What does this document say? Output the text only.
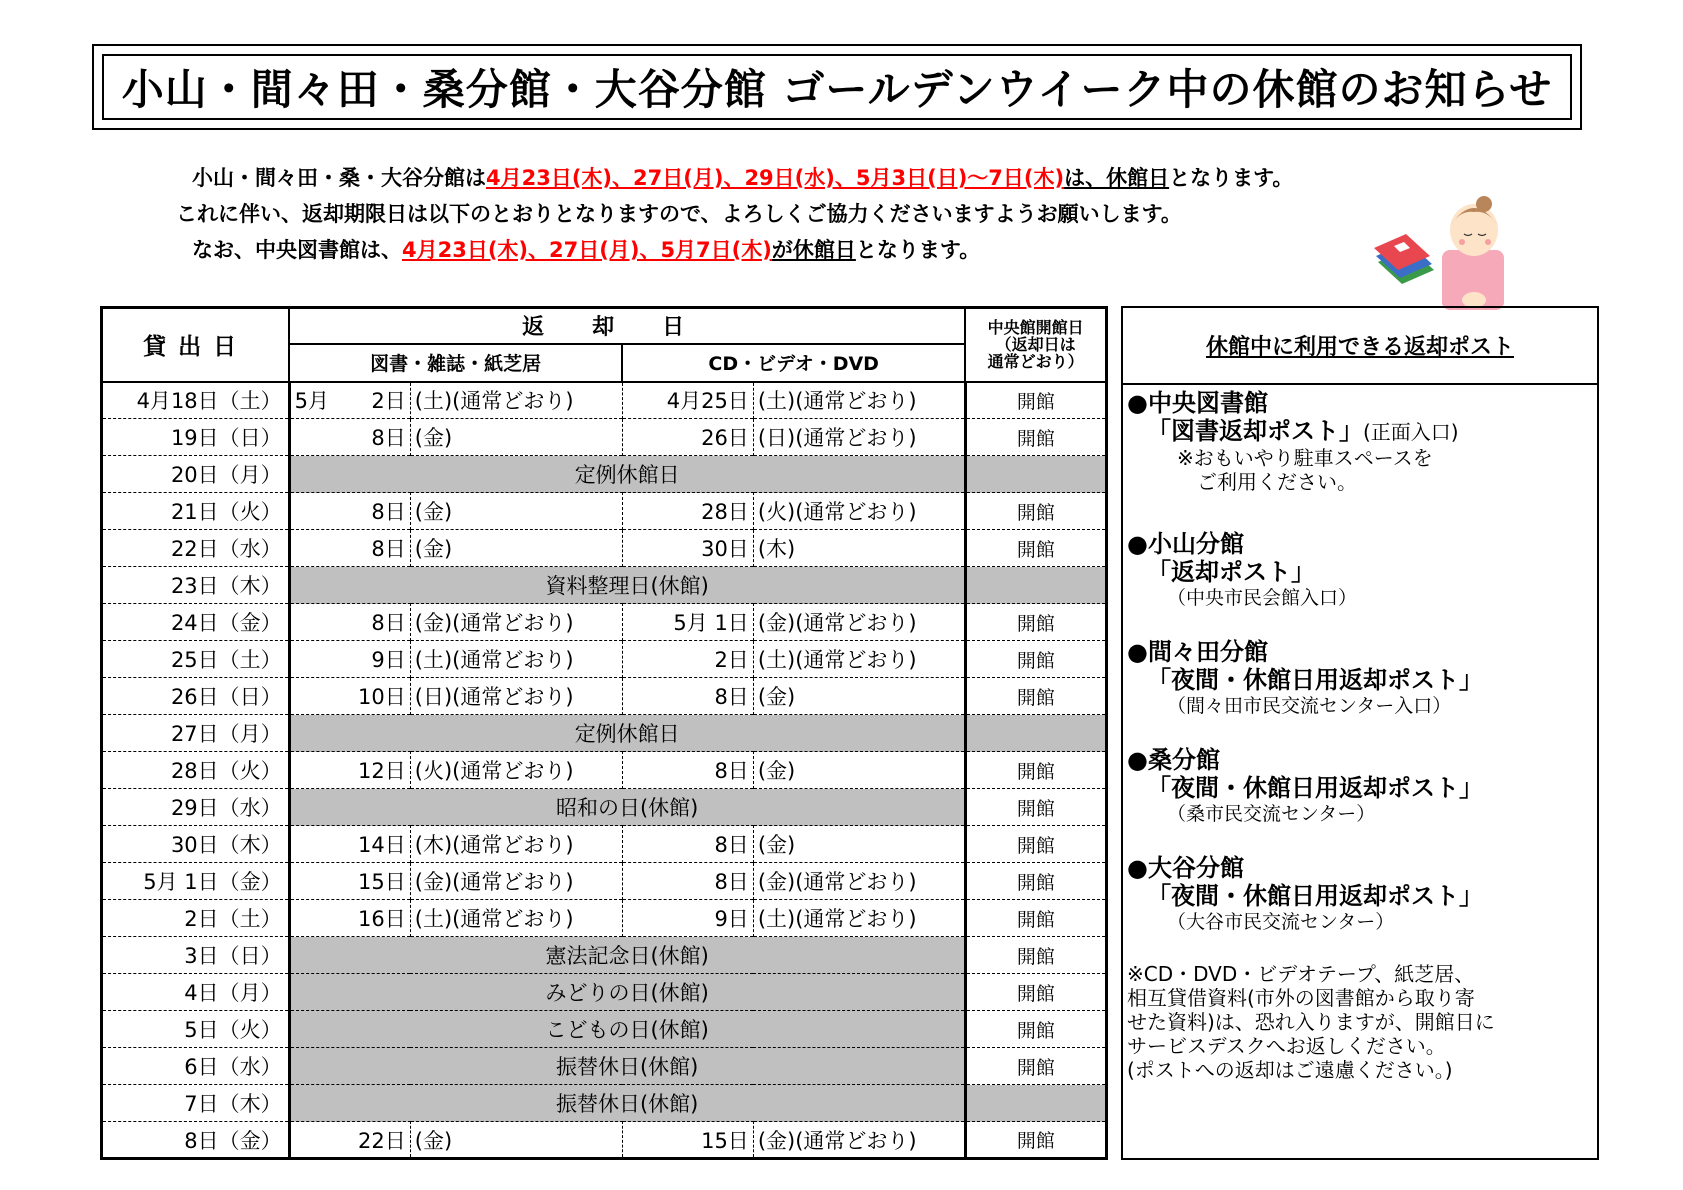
小山・間々田・桑分館・大谷分館 ゴールデンウイーク中の休館のお知らせ
小山・間々田・桑・大谷分館は4月23日(木)、27日(月)、29日(水)、5月3日(日)～7日(木)は、休館日となります。
これに伴い、返却期限日は以下のとおりとなりますので、よろしくご協力くださいますようお願いします。
なお、中央図書館は、4月23日(木)、27日(月)、5月7日(木)が休館日となります。
貸出日	返却日				中央館開館日
（返却日は
通常どおり）

	図書・雑誌・紙芝居		CD・ビデオ・DVD		
4月18日（土）	5月 2日	(土)(通常どおり)	4月25日	(土)(通常どおり)	開館
19日（日）	8日	(金)	26日	(日)(通常どおり)	開館
20日（月）	定例休館日				
21日（火）	8日	(金)	28日	(火)(通常どおり)	開館
22日（水）	8日	(金)	30日	(木)	開館
23日（木）	資料整理日(休館)				
24日（金）	8日	(金)(通常どおり)	5月 1日	(金)(通常どおり)	開館
25日（土）	9日	(土)(通常どおり)	2日	(土)(通常どおり)	開館
26日（日）	10日	(日)(通常どおり)	8日	(金)	開館
27日（月）	定例休館日				
28日（火）	12日	(火)(通常どおり)	8日	(金)	開館
29日（水）	昭和の日(休館)				開館
30日（木）	14日	(木)(通常どおり)	8日	(金)	開館
5月 1日（金）	15日	(金)(通常どおり)	8日	(金)(通常どおり)	開館
2日（土）	16日	(土)(通常どおり)	9日	(土)(通常どおり)	開館
3日（日）	憲法記念日(休館)				開館
4日（月）	みどりの日(休館)				開館
5日（火）	こどもの日(休館)				開館
6日（水）	振替休日(休館)				開館
7日（木）	振替休日(休館)				
8日（金）	22日	(金)	15日	(金)(通常どおり)	開館
休館中に利用できる返却ポスト
●中央図書館
「図書返却ポスト」(正面入口)
※おもいやり駐車スペースを
ご利用ください。
●小山分館
「返却ポスト」
（中央市民会館入口）
●間々田分館
「夜間・休館日用返却ポスト」
（間々田市民交流センター入口）
●桑分館
「夜間・休館日用返却ポスト」
（桑市民交流センター）
●大谷分館
「夜間・休館日用返却ポスト」
（大谷市民交流センター）
※CD・DVD・ビデオテープ、紙芝居、
相互貸借資料(市外の図書館から取り寄
せた資料)は、恐れ入りますが、開館日に
サービスデスクへお返しください。
(ポストへの返却はご遠慮ください。)
